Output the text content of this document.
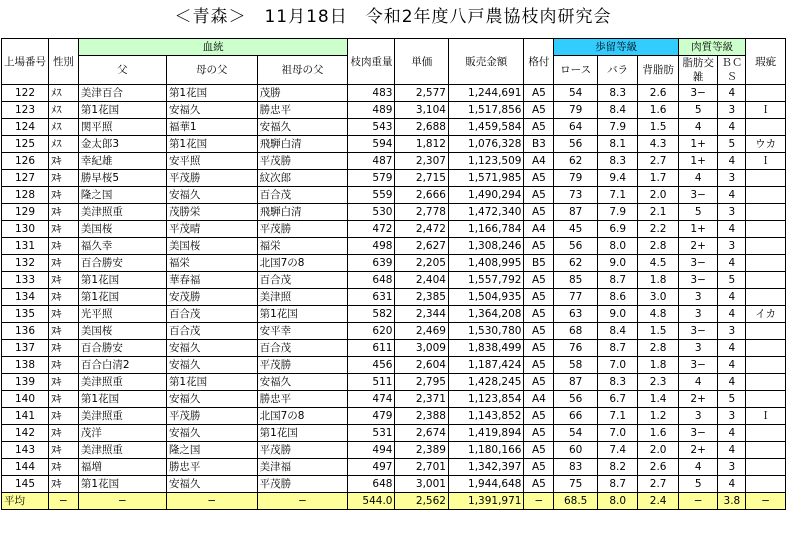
＜青森＞　11月18日　令和2年度八戸農協枝肉研究会
上場番号	性別	血統			枝肉重量	単価	販売金額	格付	歩留等級			肉質等級		瑕疵
		父	母の父	祖母の父					ロース	バラ	背脂肪	脂肪交雑	ＢＣＳ	
122	ﾒｽ	美津百合	第1花国	茂勝	483	2,577	1,244,691	A5	54	8.3	2.6	3−	4	
123	ﾒｽ	第1花国	安福久	勝忠平	489	3,104	1,517,856	A5	79	8.4	1.6	5	3	Ｉ
124	ﾒｽ	関平照	福華1	安福久	543	2,688	1,459,584	A5	64	7.9	1.5	4	4	
125	ﾒｽ	金太郎3	第1花国	飛騨白清	594	1,812	1,076,328	B3	56	8.1	4.3	1+	5	ウカ
126	ﾇｷ	幸紀雄	安平照	平茂勝	487	2,307	1,123,509	A4	62	8.3	2.7	1+	4	Ｉ
127	ﾇｷ	勝早桜5	平茂勝	紋次郎	579	2,715	1,571,985	A5	79	9.4	1.7	4	3	
128	ﾇｷ	隆之国	安福久	百合茂	559	2,666	1,490,294	A5	73	7.1	2.0	3−	4	
129	ﾇｷ	美津照重	茂勝栄	飛騨白清	530	2,778	1,472,340	A5	87	7.9	2.1	5	3	
130	ﾇｷ	美国桜	平茂晴	平茂勝	472	2,472	1,166,784	A4	45	6.9	2.2	1+	4	
131	ﾇｷ	福久幸	美国桜	福栄	498	2,627	1,308,246	A5	56	8.0	2.8	2+	3	
132	ﾇｷ	百合勝安	福栄	北国7の8	639	2,205	1,408,995	B5	62	9.0	4.5	3−	4	
133	ﾇｷ	第1花国	華春福	百合茂	648	2,404	1,557,792	A5	85	8.7	1.8	3−	5	
134	ﾇｷ	第1花国	安茂勝	美津照	631	2,385	1,504,935	A5	77	8.6	3.0	3	4	
135	ﾇｷ	光平照	百合茂	第1花国	582	2,344	1,364,208	A5	63	9.0	4.8	3	4	イカ
136	ﾇｷ	美国桜	百合茂	安平幸	620	2,469	1,530,780	A5	68	8.4	1.5	3−	3	
137	ﾇｷ	百合勝安	安福久	百合茂	611	3,009	1,838,499	A5	76	8.7	2.8	3	4	
138	ﾇｷ	百合白清2	安福久	平茂勝	456	2,604	1,187,424	A5	58	7.0	1.8	3−	4	
139	ﾇｷ	美津照重	第1花国	安福久	511	2,795	1,428,245	A5	87	8.3	2.3	4	4	
140	ﾇｷ	第1花国	安福久	勝忠平	474	2,371	1,123,854	A4	56	6.7	1.4	2+	5	
141	ﾇｷ	美津照重	平茂勝	北国7の8	479	2,388	1,143,852	A5	66	7.1	1.2	3	3	Ｉ
142	ﾇｷ	茂洋	安福久	第1花国	531	2,674	1,419,894	A5	54	7.0	1.6	3−	4	
143	ﾇｷ	美津照重	隆之国	平茂勝	494	2,389	1,180,166	A5	60	7.4	2.0	2+	4	
144	ﾇｷ	福増	勝忠平	美津福	497	2,701	1,342,397	A5	83	8.2	2.6	4	3	
145	ﾇｷ	第1花国	安福久	平茂勝	648	3,001	1,944,648	A5	75	8.7	2.7	5	4	
平均	−	−	−	−	544.0	2,562	1,391,971	−	68.5	8.0	2.4	−	3.8	−
